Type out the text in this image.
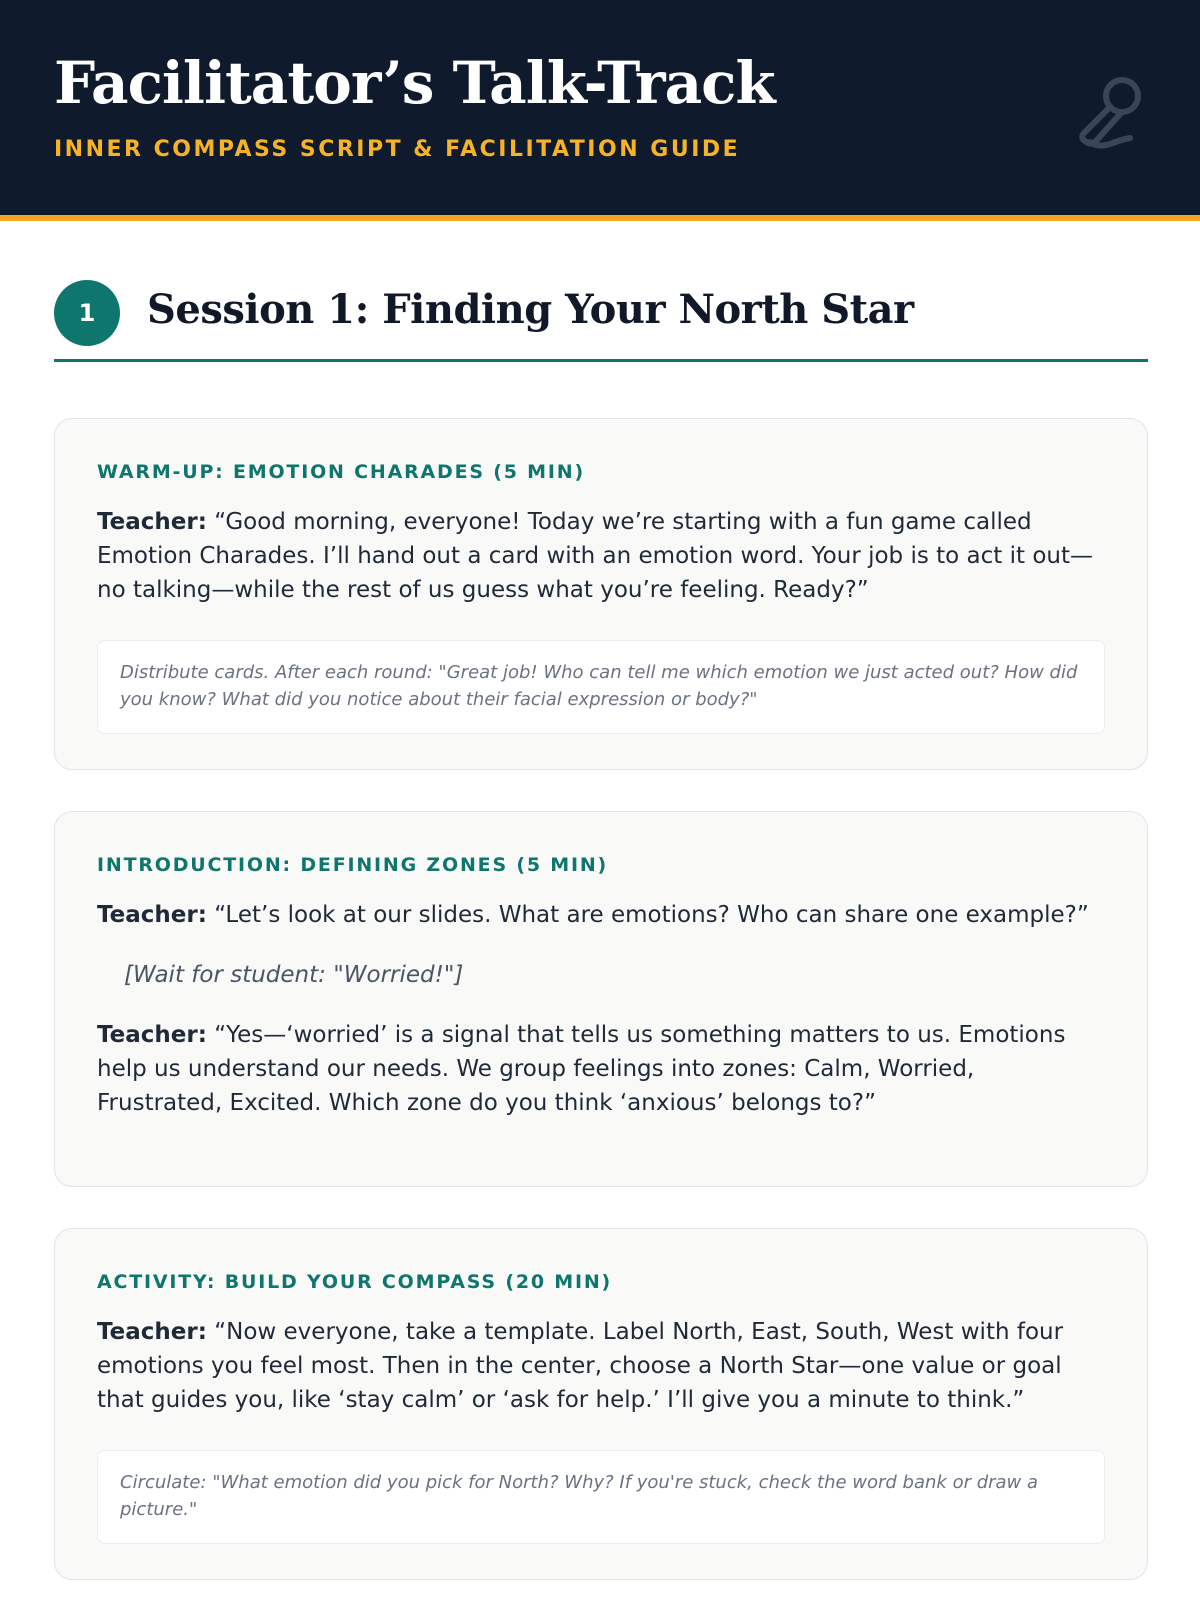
Facilitator’s Talk-Track

INNER COMPASS SCRIPT & FACILITATION GUIDE

1	Session 1: Finding Your North Star
WARM-UP: EMOTION CHARADES (5 MIN)

Teacher: “Good morning, everyone! Today we’re starting with a fun game called Emotion Charades. I’ll hand out a card with an emotion word. Your job is to act it out—no talking—while the rest of us guess what you’re feeling. Ready?”

Distribute cards. After each round: "Great job! Who can tell me which emotion we just acted out? How did you know? What did you notice about their facial expression or body?"
INTRODUCTION: DEFINING ZONES (5 MIN)

Teacher: “Let’s look at our slides. What are emotions? Who can share one example?”

[Wait for student: "Worried!"]

Teacher: “Yes—‘worried’ is a signal that tells us something matters to us. Emotions help us understand our needs. We group feelings into zones: Calm, Worried, Frustrated, Excited. Which zone do you think ‘anxious’ belongs to?”

ACTIVITY: BUILD YOUR COMPASS (20 MIN)

Teacher: “Now everyone, take a template. Label North, East, South, West with four emotions you feel most. Then in the center, choose a North Star—one value or goal that guides you, like ‘stay calm’ or ‘ask for help.’ I’ll give you a minute to think.”

Circulate: "What emotion did you pick for North? Why? If you're stuck, check the word bank or draw a picture."
